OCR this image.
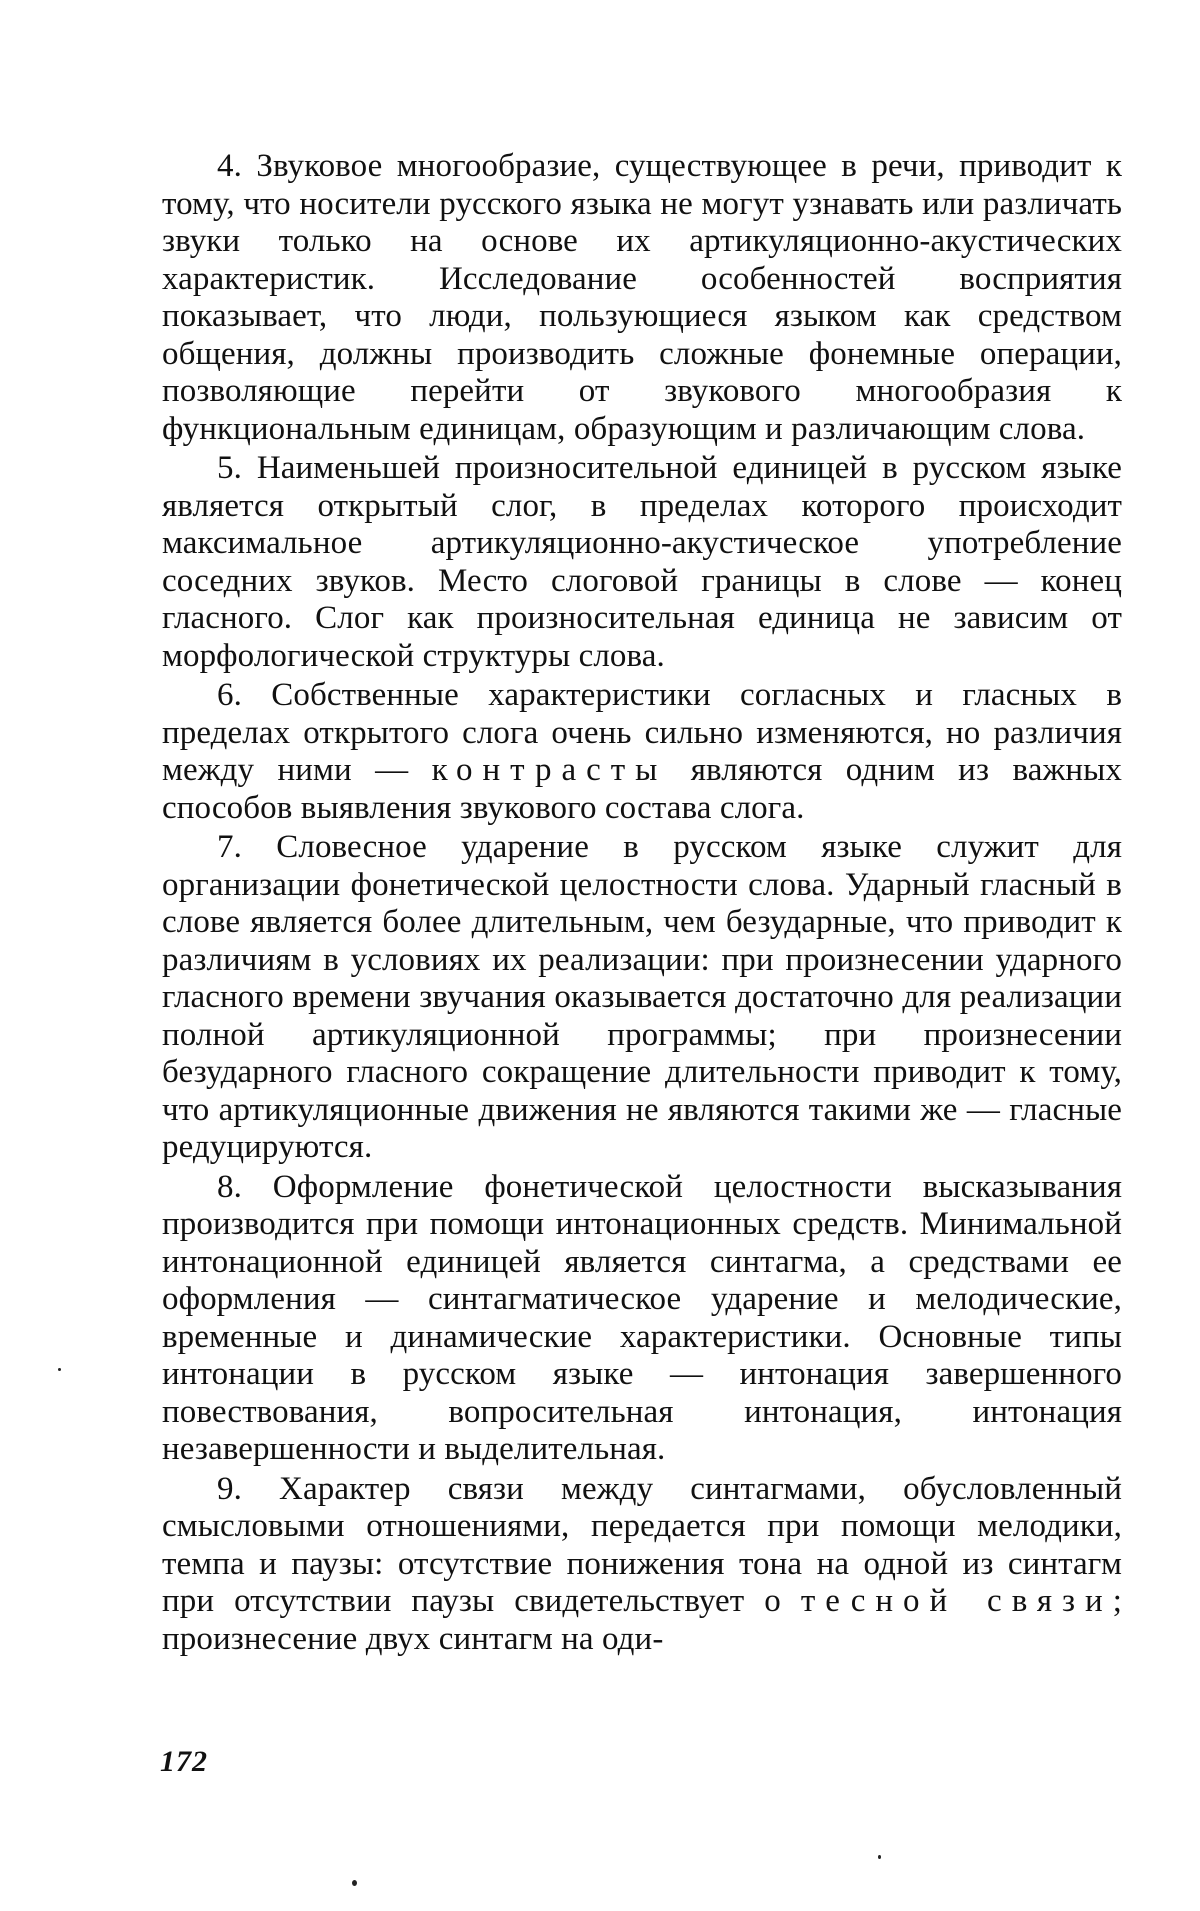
4. Звуковое многообразие, существующее в речи, приводит к тому, что носители русского языка не могут узнавать или различать звуки только на основе их артикуляционно-акустических характеристик. Исследование особенностей восприятия показывает, что люди, пользующиеся языком как средством общения, должны производить сложные фонемные операции, позволяющие перейти от звукового многообразия к функциональным единицам, образующим и различающим слова.

5. Наименьшей произносительной единицей в русском языке является открытый слог, в пределах которого происходит максимальное артикуляционно-акустическое употребление соседних звуков. Место слоговой границы в слове — конец гласного. Слог как произносительная единица не зависим от морфологической структуры слова.

6. Собственные характеристики согласных и гласных в пределах открытого слога очень сильно изменяются, но различия между ними — контрасты являются одним из важных способов выявления звукового состава слога.

7. Словесное ударение в русском языке служит для организации фонетической целостности слова. Ударный гласный в слове является более длительным, чем безударные, что приводит к различиям в условиях их реализации: при произнесении ударного гласного времени звучания оказывается достаточно для реализации полной артикуляционной программы; при произнесении безударного гласного сокращение длительности приводит к тому, что артикуляционные движения не являются такими же — гласные редуцируются.

8. Оформление фонетической целостности высказывания производится при помощи интонационных средств. Минимальной интонационной единицей является синтагма, а средствами ее оформления — синтагматическое ударение и мелодические, временные и динамические характеристики. Основные типы интонации в русском языке — интонация завершенного повествования, вопросительная интонация, интонация незавершенности и выделительная.

9. Характер связи между синтагмами, обусловленный смысловыми отношениями, передается при помощи мелодики, темпа и паузы: отсутствие понижения тона на одной из синтагм при отсутствии паузы свидетельствует о тесной связи; произнесение двух синтагм на оди-

172
